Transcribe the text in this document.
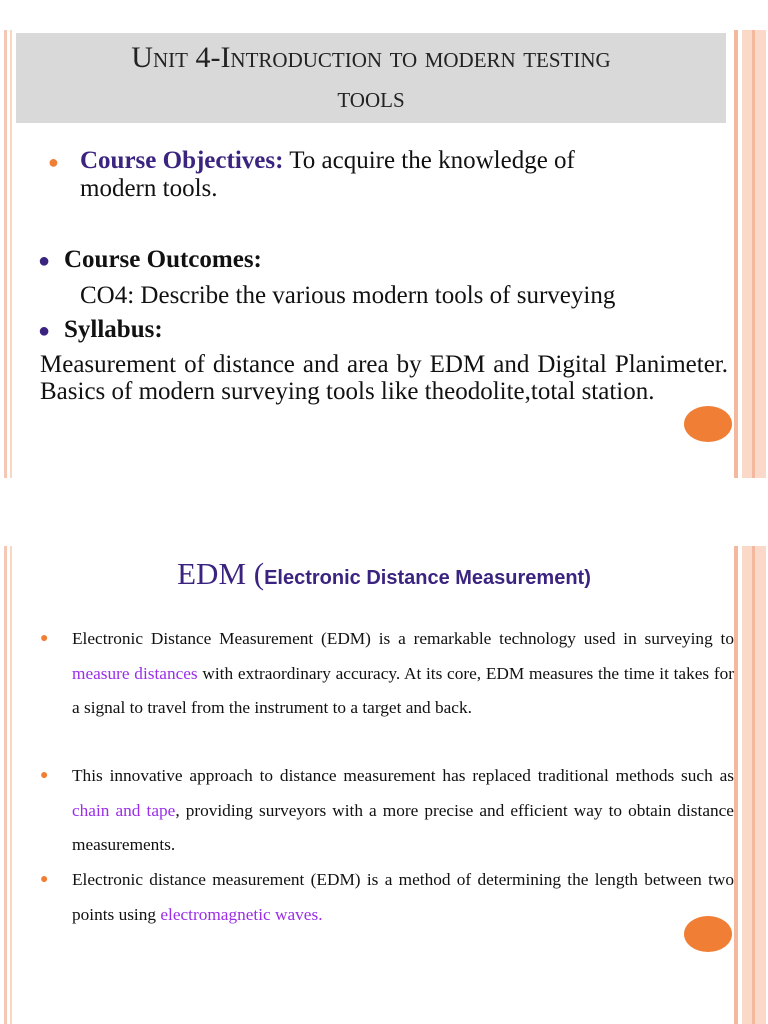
Unit 4-Introduction to modern testing
tools
● Course Objectives: To acquire the knowledge of
modern tools.
● Course Outcomes:
CO4: Describe the various modern tools of surveying
● Syllabus:
Measurement of distance and area by EDM and Digital Planimeter. Basics of modern surveying tools like theodolite,total station.
EDM (Electronic Distance Measurement)
● Electronic Distance Measurement (EDM) is a remarkable technology used in surveying to measure distances with extraordinary accuracy. At its core, EDM measures the time it takes for a signal to travel from the instrument to a target and back.
● This innovative approach to distance measurement has replaced traditional methods such as chain and tape, providing surveyors with a more precise and efficient way to obtain distance measurements.
● Electronic distance measurement (EDM) is a method of determining the length between two points using electromagnetic waves.
